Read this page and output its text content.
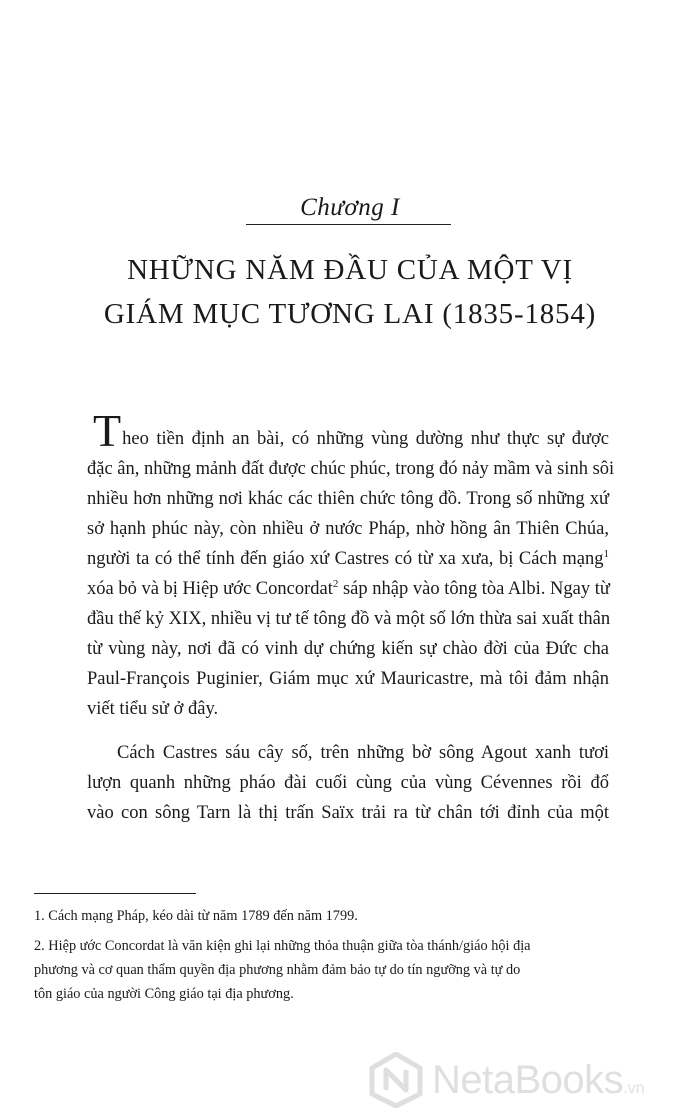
Chương I
NHỮNG NĂM ĐẦU CỦA MỘT VỊ
GIÁM MỤC TƯƠNG LAI (1835-1854)

Theo tiền định an bài, có những vùng dường như thực sự được
đặc ân, những mảnh đất được chúc phúc, trong đó nảy mầm và sinh sôi
nhiều hơn những nơi khác các thiên chức tông đồ. Trong số những xứ
sở hạnh phúc này, còn nhiều ở nước Pháp, nhờ hồng ân Thiên Chúa,
người ta có thể tính đến giáo xứ Castres có từ xa xưa, bị Cách mạng$^1$
xóa bỏ và bị Hiệp ước Concordat$^2$ sáp nhập vào tông tòa Albi. Ngay từ
đầu thế kỷ XIX, nhiều vị tư tế tông đồ và một số lớn thừa sai xuất thân
từ vùng này, nơi đã có vinh dự chứng kiến sự chào đời của Đức cha
Paul-François Puginier, Giám mục xứ Mauricastre, mà tôi đảm nhận
viết tiểu sử ở đây.

Cách Castres sáu cây số, trên những bờ sông Agout xanh tươi
lượn quanh những pháo đài cuối cùng của vùng Cévennes rồi đổ
vào con sông Tarn là thị trấn Saïx trải ra từ chân tới đỉnh của một

1. Cách mạng Pháp, kéo dài từ năm 1789 đến năm 1799.

2. Hiệp ước Concordat là văn kiện ghi lại những thỏa thuận giữa tòa thánh/giáo hội địa
phương và cơ quan thẩm quyền địa phương nhằm đảm bảo tự do tín ngưỡng và tự do
tôn giáo của người Công giáo tại địa phương.

NetaBooks.vn
